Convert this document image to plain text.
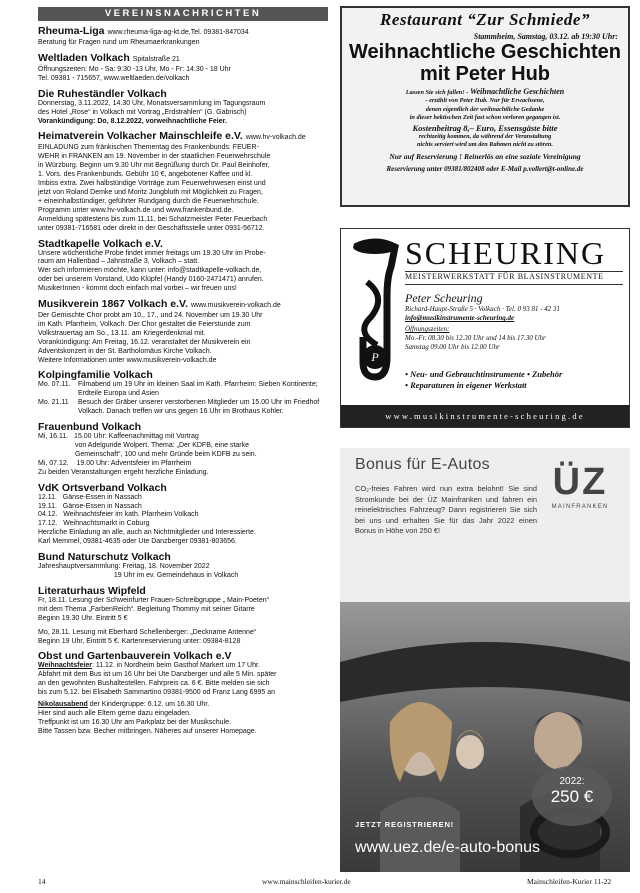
VEREINSNACHRICHTEN
Rheuma-Liga www.rheuma-liga-ag-kt.de,Tel. 09381-847034

Beratung für Fragen rund um Rheumaerkrankungen

Weltladen Volkach Spitalstraße 21

Öffnungszeiten: Mo - Sa: 9:30 -13 Uhr, Mo - Fr: 14:30 - 18 Uhr

Tel. 09381 - 715657, www.weltlaeden.de/volkach

Die Ruheständler Volkach

Donnerstag, 3.11.2022, 14.30 Uhr, Monatsversammlung im Tagungsraum

des Hotel „Rose“ in Volkach mit Vortrag „Erdstrahlen“ (G. Gabrisch)

Vorankündigung: Do, 8.12.2022, vorweihnachtliche Feier.

Heimatverein Volkacher Mainschleife e.V. www.hv-volkach.de

EINLADUNG zum fränkischen Thementag des Frankenbunds: FEUER-

WEHR in FRANKEN am 19. November in der staatlichen Feuerwehrschule

in Würzburg. Beginn um 9.30 Uhr mit Begrüßung durch Dr. Paul Beinhofer,

1. Vors. des Frankenbunds. Gebühr 10 €, angebotener Kaffee und kl.

Imbiss extra. Zwei halbstündige Vorträge zum Feuerwehrwesen einst und

jetzt von Roland Demke und Moritz Jungbluth mit Möglichkeit zu Fragen,

+ eineinhalbstündiger, geführter Rundgang durch die Feuerwehrschule.

Programm unter www.hv-volkach.de und www.frankenbund.de.

Anmeldung spätestens bis zum 11.11. bei Schatzmeister Peter Feuerbach

unter 09381-716581 oder direkt in der Geschäftsstelle unter 0931-56712.

Stadtkapelle Volkach e.V.

Unsere wöchentliche Probe findet immer freitags um 19.30 Uhr im Probe-

raum am Hallenbad – Jahnstraße 3, Volkach – statt.

Wer sich informieren möchte, kann unter: info@stadtkapelle-volkach.de,

oder bei unserem Vorstand, Udo Klüpfel (Handy 0160-2471471) anrufen.

MusikerInnen - kommt doch einfach mal vorbei – wir freuen uns!

Musikverein 1867 Volkach e.V. www.musikverein-volkach.de

Der Gemischte Chor probt am 10., 17., und 24. November um 19.30 Uhr

im Kath. Pfarrheim, Volkach. Der Chor gestaltet die Feierstunde zum

Volkstrauertag am So., 13.11. am Kriegerdenkmal mit.

Vorankündigung: Am Freitag, 16.12. veranstaltet der Musikverein ein

Adventskonzert in der St. Bartholomäus Kirche Volkach.

Weitere Informationen unter www.musikverein-volkach.de

Kolpingfamilie Volkach
Mo. 07.11.	Filmabend um 19 Uhr im kleinen Saal im Kath. Pfarrheim: Sieben Kontinente; Erdteile Europa und Asien
Mo. 21.11	Besuch der Gräber unserer verstorbenen Mitglieder um 15.00 Uhr im Friedhof Volkach. Danach treffen wir uns gegen 16 Uhr im Brothaus Kohler.
Frauenbund Volkach

Mi, 16.11.   15.00 Uhr: Kaffeenachmittag mit Vortrag

von Adelgunde Wolpert. Thema: „Der KDFB, eine starke

Gemeinschaft“, 100 und mehr Gründe beim KDFB zu sein.

Mi, 07.12.    19.00 Uhr: Adventsfeier im Pfarrheim

Zu beiden Veranstaltungen ergeht herzliche Einladung.

VdK Ortsverband Volkach

12.11.   Gänse-Essen in Nassach

19.11.   Gänse-Essen in Nassach

04.12.   Weihnachtsfeier im kath. Pfarrheim Volkach

17.12.   Weihnachtsmarkt in Coburg

Herzliche Einladung an alle, auch an Nichtmitglieder und Interessierte.

Karl Memmel, 09381-4635 oder Ute Danzberger 09381-803656.

Bund Naturschutz Volkach

Jahreshauptversammlung: Freitag, 18. November 2022

19 Uhr im ev. Gemeindehaus in Volkach

Literaturhaus Wipfeld

Fr, 18.11. Lesung der Schweinfurter Frauen-Schreibgruppe „ Main-Poeten“

mit dem Thema „FarbenReich“. Begleitung Thommy mit seiner Gitarre

Beginn 19.30 Uhr. Eintritt 5 €

Mo, 28.11. Lesung mit Eberhard Schellenberger: „Deckname Antenne“

Beginn 19 Uhr, Eintritt 5 €. Kartenreservierung unter: 09384-8128

Obst und Gartenbauverein Volkach e.V

Weihnachtsfeier: 11.12. in Nordheim beim Gasthof Markert um 17 Uhr.

Abfahrt mit dem Bus ist um 16 Uhr bei Ute Danzberger und alle 5 Min. später

an den gewohnten Bushaltestellen. Fahrpreis ca. 6 €. Bitte melden sie sich

bis zum 5.12. bei Elisabeth Sammartino 09381-9500 od Franz Lang 6995 an

Nikolausabend der Kindergruppe: 6.12. um 16.30 Uhr.

Hier sind auch alle Eltern gerne dazu eingeladen.

Treffpunkt ist um 16.30 Uhr am Parkplatz bei der Musikschule.

Bitte Tassen bzw. Becher mitbringen. Näheres auf unserer Homepage.

Restaurant “Zur Schmiede”
Stammheim, Samstag, 03.12. ab 19:30 Uhr:
Weihnachtliche Geschichten
mit Peter Hub
Lassen Sie sich fallen! - Weihnachtliche Geschichten
- erzählt von Peter Hub. Nur für Erwachsene,
denen eigentlich der weihnachtliche Gedanke
in dieser hektischen Zeit fast schon verloren gegangen ist.
Kostenbeitrag 8,– Euro, Essensgäste bitte
rechtzeitig kommen, da während der Veranstaltung
nichts serviert wird um den Rahmen nicht zu stören.
Nur auf Reservierung ! Reinerlös an eine soziale Vereinigung
Reservierung unter 09381/802408 oder E-Mail p.vollert@t-online.de
P
SCHEURING
MEISTERWERKSTATT FÜR BLASINSTRUMENTE
Peter Scheuring
Richard-Haupt-Straße 5 · Volkach · Tel. 0 93 81 - 42 31
info@musikinstrumente-scheuring.de
Öffnungszeiten:
Mo.-Fr. 08.30 bis 12.30 Uhr und 14 bis 17.30 Uhr
Samstag 09.00 Uhr bis 12.00 Uhr
• Neu- und Gebrauchtinstrumente • Zubehör
• Reparaturen in eigener Werkstatt
www.musikinstrumente-scheuring.de
Bonus für E-Autos
CO₂-freies Fahren wird nun extra belohnt! Sie sind Stromkunde bei der ÜZ Mainfranken und fahren ein reinelektrisches Fahrzeug? Dann registrieren Sie sich bei uns und erhalten Sie für das Jahr 2022 einen Bonus in Höhe von 250 €!
ÜZ
MAINFRANKEN
2022:
250 €
JETZT REGISTRIEREN!
www.uez.de/e-auto-bonus
14	www.mainschleifen-kurier.de	Mainschleifen-Kurier 11-22
